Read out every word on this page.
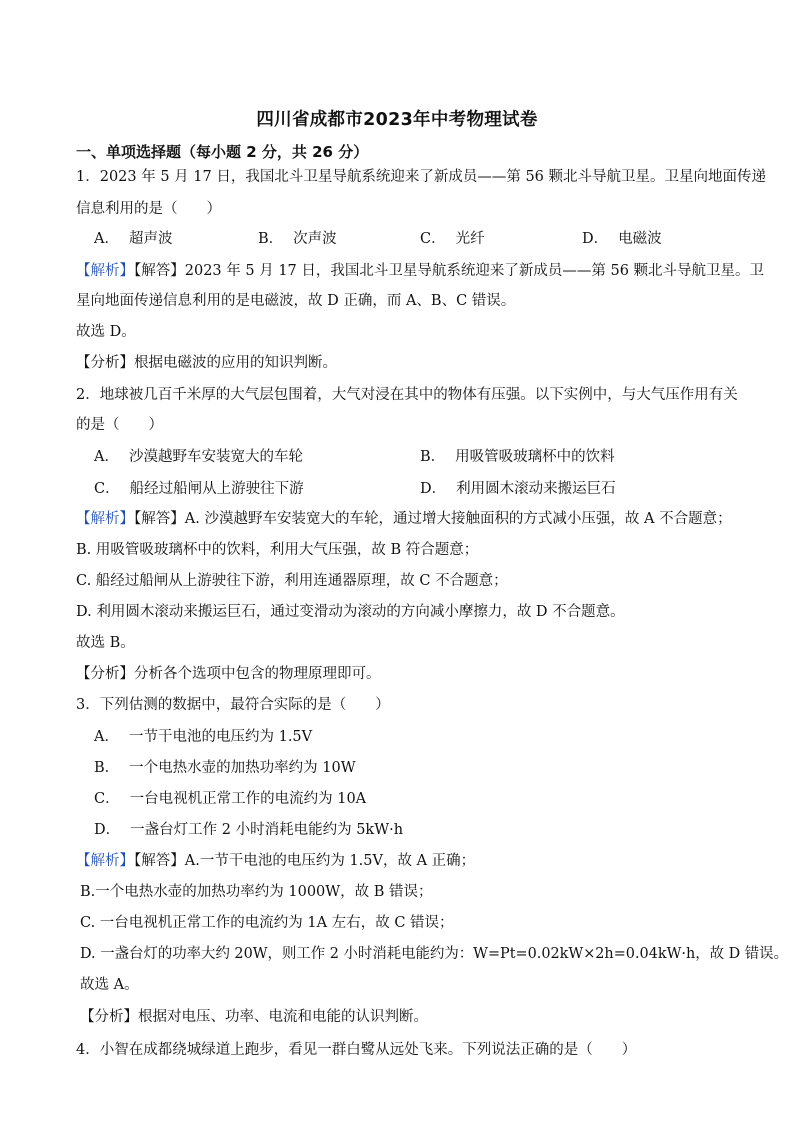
四川省成都市2023年中考物理试卷
一、单项选择题（每小题 2 分，共 26 分）
1．2023 年 5 月 17 日，我国北斗卫星导航系统迎来了新成员——第 56 颗北斗导航卫星。卫星向地面传递
信息利用的是（　　）
A． 超声波	B． 次声波	C． 光纤	D． 电磁波
【解析】【解答】2023 年 5 月 17 日，我国北斗卫星导航系统迎来了新成员——第 56 颗北斗导航卫星。卫
星向地面传递信息利用的是电磁波，故 D 正确，而 A、B、C 错误。
故选 D。
【分析】根据电磁波的应用的知识判断。
2．地球被几百千米厚的大气层包围着，大气对浸在其中的物体有压强。以下实例中，与大气压作用有关
的是（　　）
A． 沙漠越野车安装宽大的车轮	B． 用吸管吸玻璃杯中的饮料
C． 船经过船闸从上游驶往下游	D． 利用圆木滚动来搬运巨石
【解析】【解答】A. 沙漠越野车安装宽大的车轮，通过增大接触面积的方式减小压强，故 A 不合题意；
B. 用吸管吸玻璃杯中的饮料，利用大气压强，故 B 符合题意；
C. 船经过船闸从上游驶往下游，利用连通器原理，故 C 不合题意；
D. 利用圆木滚动来搬运巨石，通过变滑动为滚动的方向减小摩擦力，故 D 不合题意。
故选 B。
【分析】分析各个选项中包含的物理原理即可。
3．下列估测的数据中，最符合实际的是（　　）
A． 一节干电池的电压约为 1.5V
B． 一个电热水壶的加热功率约为 10W
C． 一台电视机正常工作的电流约为 10A
D． 一盏台灯工作 2 小时消耗电能约为 5kW·h
【解析】【解答】A.一节干电池的电压约为 1.5V，故 A 正确；
B.一个电热水壶的加热功率约为 1000W，故 B 错误；
C. 一台电视机正常工作的电流约为 1A 左右，故 C 错误；
D. 一盏台灯的功率大约 20W，则工作 2 小时消耗电能约为：W=Pt=0.02kW×2h=0.04kW·h，故 D 错误。
故选 A。
【分析】根据对电压、功率、电流和电能的认识判断。
4．小智在成都绕城绿道上跑步，看见一群白鹭从远处飞来。下列说法正确的是（　　）
